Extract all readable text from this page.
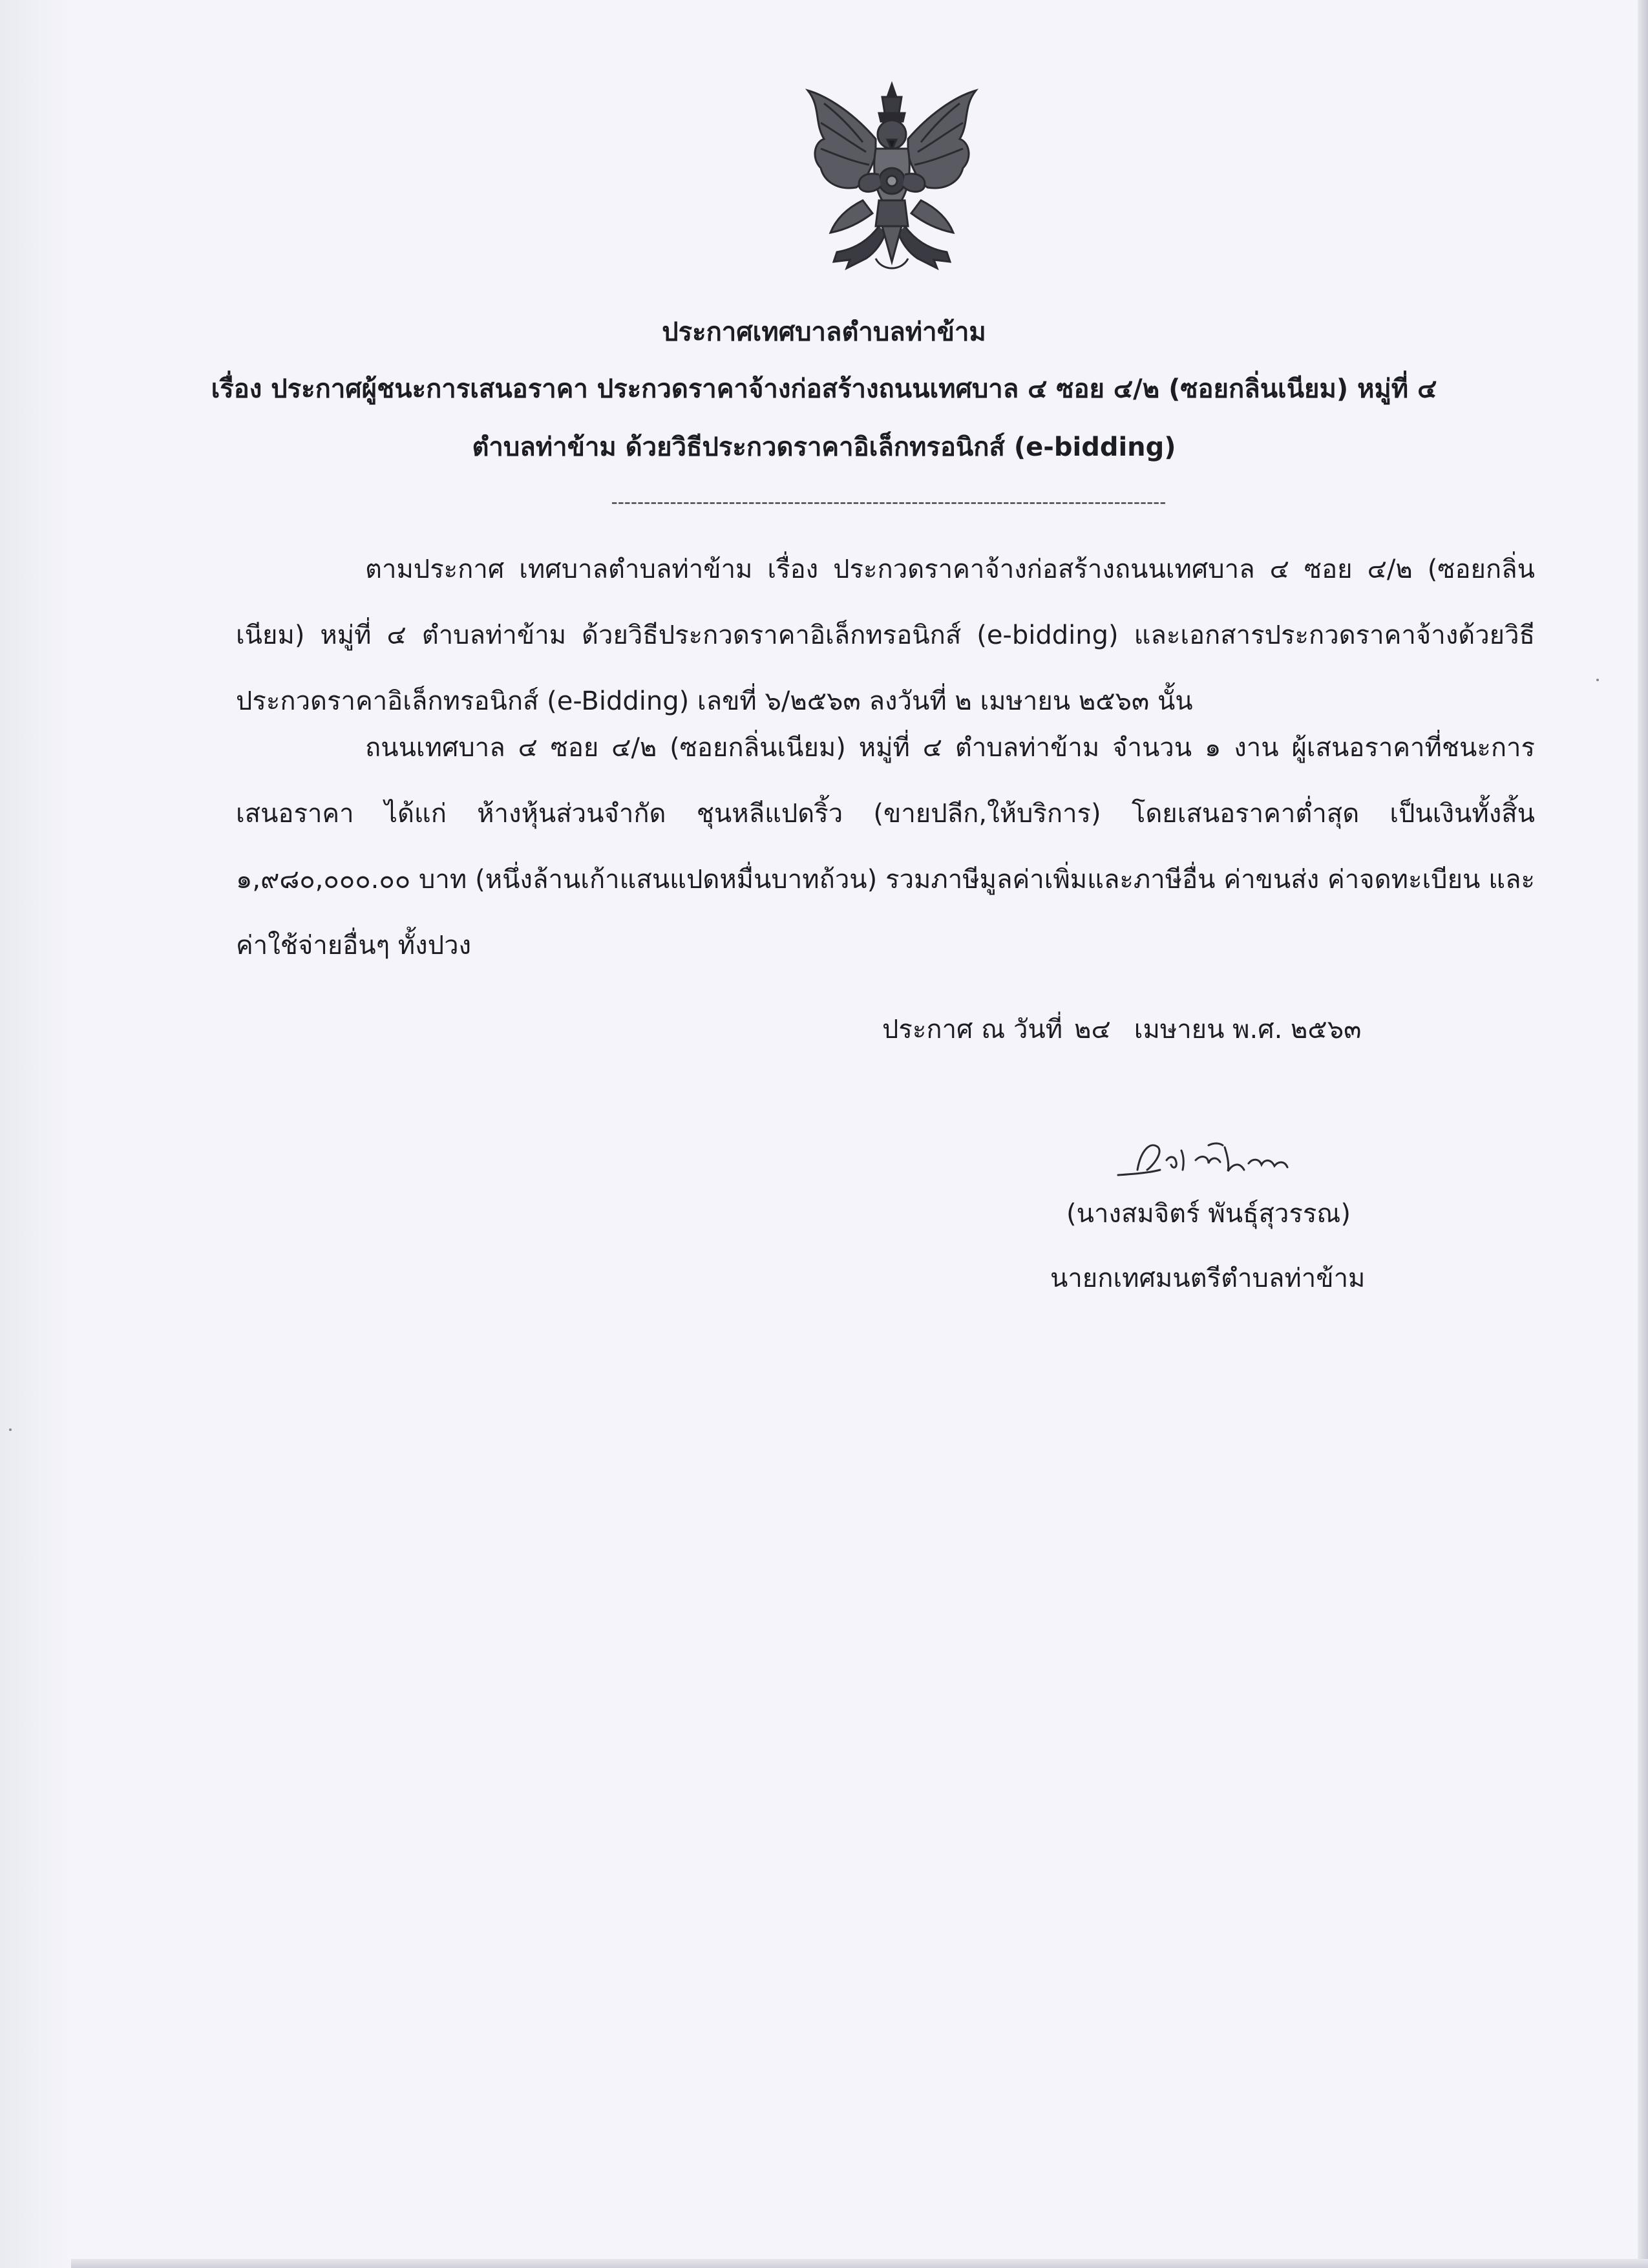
ประกาศเทศบาลตำบลท่าข้าม
เรื่อง ประกาศผู้ชนะการเสนอราคา ประกวดราคาจ้างก่อสร้างถนนเทศบาล ๔ ซอย ๔/๒ (ซอยกลิ่นเนียม) หมู่ที่ ๔
ตำบลท่าข้าม ด้วยวิธีประกวดราคาอิเล็กทรอนิกส์ (e-bidding)
-------------------------------------------------------------------------------------
ตามประกาศ เทศบาลตำบลท่าข้าม เรื่อง ประกวดราคาจ้างก่อสร้างถนนเทศบาล ๔ ซอย ๔/๒ (ซอยกลิ่นเนียม) หมู่ที่ ๔ ตำบลท่าข้าม ด้วยวิธีประกวดราคาอิเล็กทรอนิกส์ (e-bidding) และเอกสารประกวดราคาจ้างด้วยวิธีประกวดราคาอิเล็กทรอนิกส์ (e-Bidding) เลขที่ ๖/๒๕๖๓ ลงวันที่ ๒ เมษายน ๒๕๖๓ นั้น
ถนนเทศบาล ๔ ซอย ๔/๒ (ซอยกลิ่นเนียม) หมู่ที่ ๔ ตำบลท่าข้าม จำนวน ๑ งาน ผู้เสนอราคาที่ชนะการเสนอราคา ได้แก่ ห้างหุ้นส่วนจำกัด ชุนหลีแปดริ้ว (ขายปลีก,ให้บริการ) โดยเสนอราคาต่ำสุด เป็นเงินทั้งสิ้น ๑,๙๘๐,๐๐๐.๐๐ บาท (หนึ่งล้านเก้าแสนแปดหมื่นบาทถ้วน) รวมภาษีมูลค่าเพิ่มและภาษีอื่น ค่าขนส่ง ค่าจดทะเบียน และค่าใช้จ่ายอื่นๆ ทั้งปวง
ประกาศ ณ วันที่ ๒๔ เมษายน พ.ศ. ๒๕๖๓
(นางสมจิตร์ พันธุ์สุวรรณ)
นายกเทศมนตรีตำบลท่าข้าม
